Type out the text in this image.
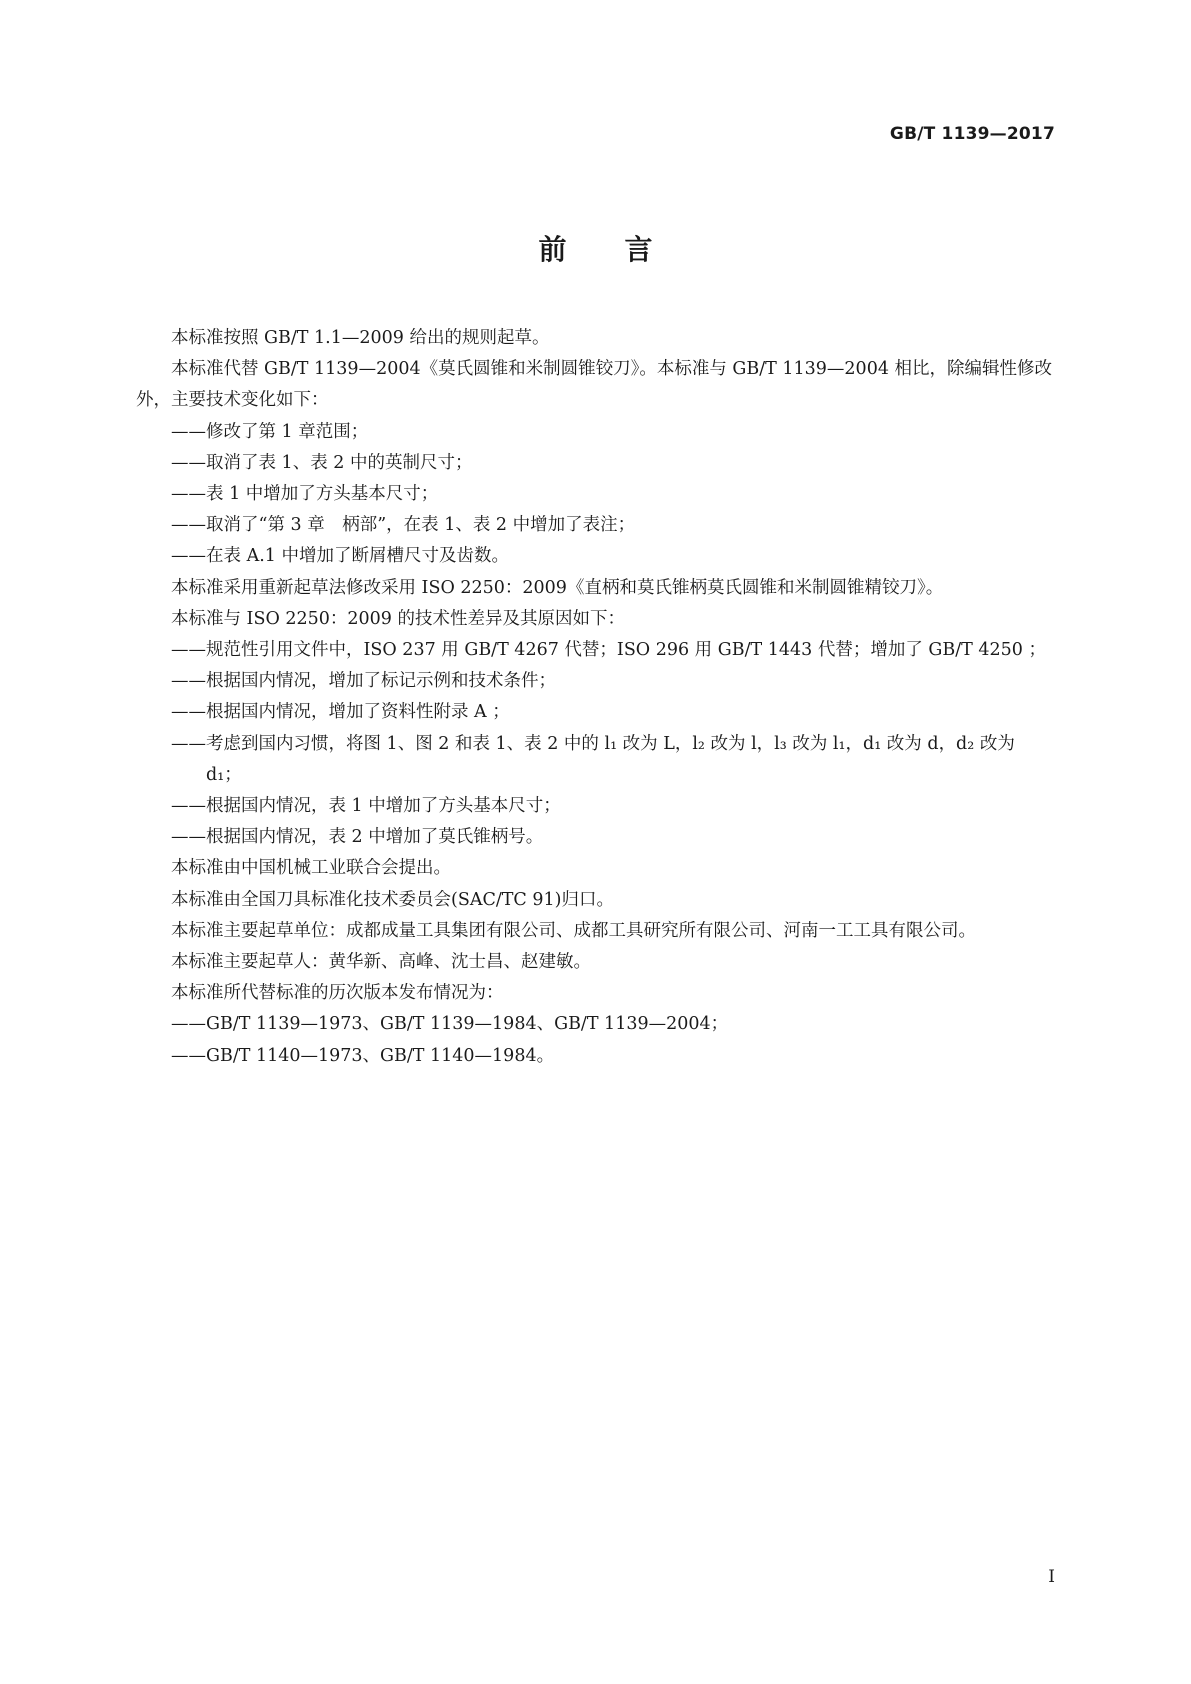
GB/T 1139—2017
前 言

本标准按照 GB/T 1.1—2009 给出的规则起草。

本标准代替 GB/T 1139—2004《莫氏圆锥和米制圆锥铰刀》。本标准与 GB/T 1139—2004 相比，除编辑性修改外，主要技术变化如下：

——修改了第 1 章范围；

——取消了表 1、表 2 中的英制尺寸；

——表 1 中增加了方头基本尺寸；

——取消了“第 3 章　柄部”，在表 1、表 2 中增加了表注；

——在表 A.1 中增加了断屑槽尺寸及齿数。

本标准采用重新起草法修改采用 ISO 2250：2009《直柄和莫氏锥柄莫氏圆锥和米制圆锥精铰刀》。

本标准与 ISO 2250：2009 的技术性差异及其原因如下：

——规范性引用文件中，ISO 237 用 GB/T 4267 代替；ISO 296 用 GB/T 1443 代替；增加了 GB/T 4250 ；

——根据国内情况，增加了标记示例和技术条件；

——根据国内情况，增加了资料性附录 A ；

——考虑到国内习惯，将图 1、图 2 和表 1、表 2 中的 l₁ 改为 L，l₂ 改为 l，l₃ 改为 l₁，d₁ 改为 d，d₂ 改为 d₁；

——根据国内情况，表 1 中增加了方头基本尺寸；

——根据国内情况，表 2 中增加了莫氏锥柄号。

本标准由中国机械工业联合会提出。

本标准由全国刀具标准化技术委员会(SAC/TC 91)归口。

本标准主要起草单位：成都成量工具集团有限公司、成都工具研究所有限公司、河南一工工具有限公司。

本标准主要起草人：黄华新、高峰、沈士昌、赵建敏。

本标准所代替标准的历次版本发布情况为：

——GB/T 1139—1973、GB/T 1139—1984、GB/T 1139—2004；

——GB/T 1140—1973、GB/T 1140—1984。

I
